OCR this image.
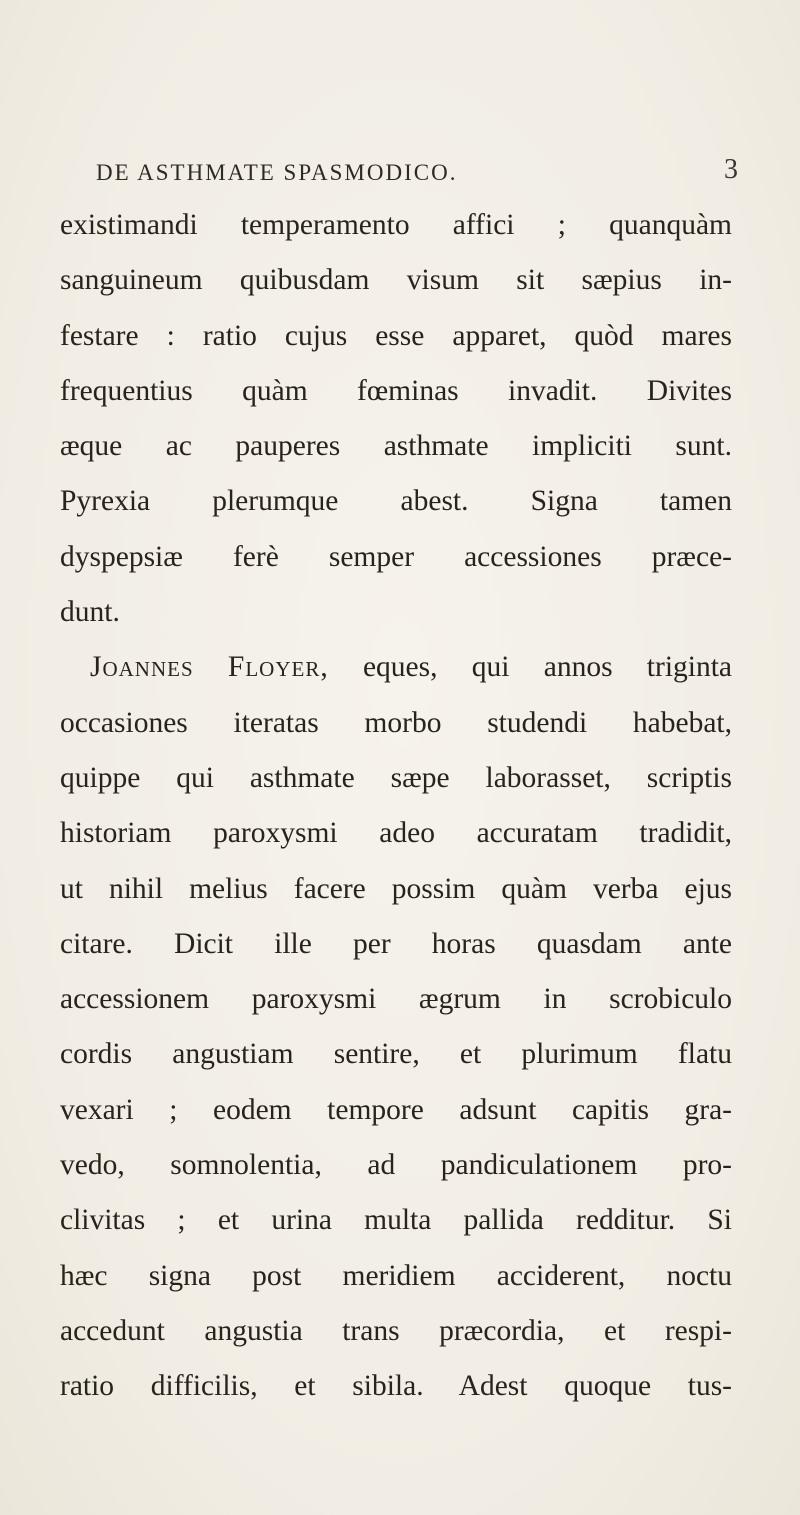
DE ASTHMATE SPASMODICO.	3
existimandi temperamento affici ; quanquàm
sanguineum quibusdam visum sit sæpius in-
festare : ratio cujus esse apparet, quòd mares
frequentius quàm fœminas invadit. Divites
æque ac pauperes asthmate impliciti sunt.
Pyrexia plerumque abest. Signa tamen
dyspepsiæ ferè semper accessiones præce-
dunt.
Joannes Floyer, eques, qui annos triginta
occasiones iteratas morbo studendi habebat,
quippe qui asthmate sæpe laborasset, scriptis
historiam paroxysmi adeo accuratam tradidit,
ut nihil melius facere possim quàm verba ejus
citare. Dicit ille per horas quasdam ante
accessionem paroxysmi ægrum in scrobiculo
cordis angustiam sentire, et plurimum flatu
vexari ; eodem tempore adsunt capitis gra-
vedo, somnolentia, ad pandiculationem pro-
clivitas ; et urina multa pallida redditur. Si
hæc signa post meridiem acciderent, noctu
accedunt angustia trans præcordia, et respi-
ratio difficilis, et sibila. Adest quoque tus-
